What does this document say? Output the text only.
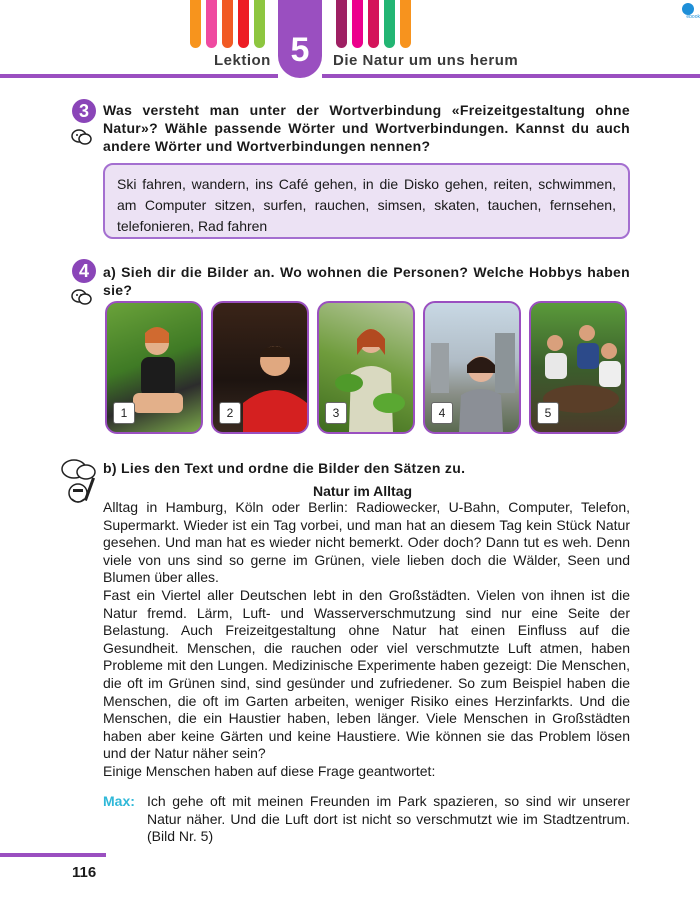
5
Lektion	Die Natur um uns herum
ebook
3	Was versteht man unter der Wortverbindung «Freizeitgestaltung ohne Natur»? Wähle passende Wörter und Wortverbindungen. Kannst du auch andere Wörter und Wortverbindungen nennen?
Ski fahren, wandern, ins Café gehen, in die Disko gehen, reiten, schwimmen, am Computer sitzen, surfen, rauchen, simsen, skaten, tauchen, fernsehen, telefonieren, Rad fahren
4	a) Sieh dir die Bilder an. Wo wohnen die Personen? Welche Hobbys haben sie?
1	2	3	4	5
b) Lies den Text und ordne die Bilder den Sätzen zu.
Natur im Alltag

Alltag in Hamburg, Köln oder Berlin: Radiowecker, U-Bahn, Computer, Telefon, Supermarkt. Wieder ist ein Tag vorbei, und man hat an diesem Tag kein Stück Natur gesehen. Und man hat es wieder nicht bemerkt. Oder doch? Dann tut es weh. Denn viele von uns sind so gerne im Grünen, viele lieben doch die Wälder, Seen und Blumen über alles.

Fast ein Viertel aller Deutschen lebt in den Großstädten. Vielen von ihnen ist die Natur fremd. Lärm, Luft- und Wasserverschmutzung sind nur eine Seite der Belastung. Auch Freizeitgestaltung ohne Natur hat einen Einfluss auf die Gesundheit. Menschen, die rauchen oder viel verschmutzte Luft atmen, haben Probleme mit den Lungen. Medizinische Experimente haben gezeigt: Die Menschen, die oft im Grünen sind, sind gesünder und zufriedener. So zum Beispiel haben die Menschen, die oft im Garten arbeiten, weniger Risiko eines Herzinfarkts. Und die Menschen, die ein Haustier haben, leben länger. Viele Menschen in Großstädten haben aber keine Gärten und keine Haustiere. Wie können sie das Problem lösen und der Natur näher sein?

Einige Menschen haben auf diese Frage geantwortet:

Max: Ich gehe oft mit meinen Freunden im Park spazieren, so sind wir unserer Natur näher. Und die Luft dort ist nicht so verschmutzt wie im Stadtzentrum. (Bild Nr. 5)
116
